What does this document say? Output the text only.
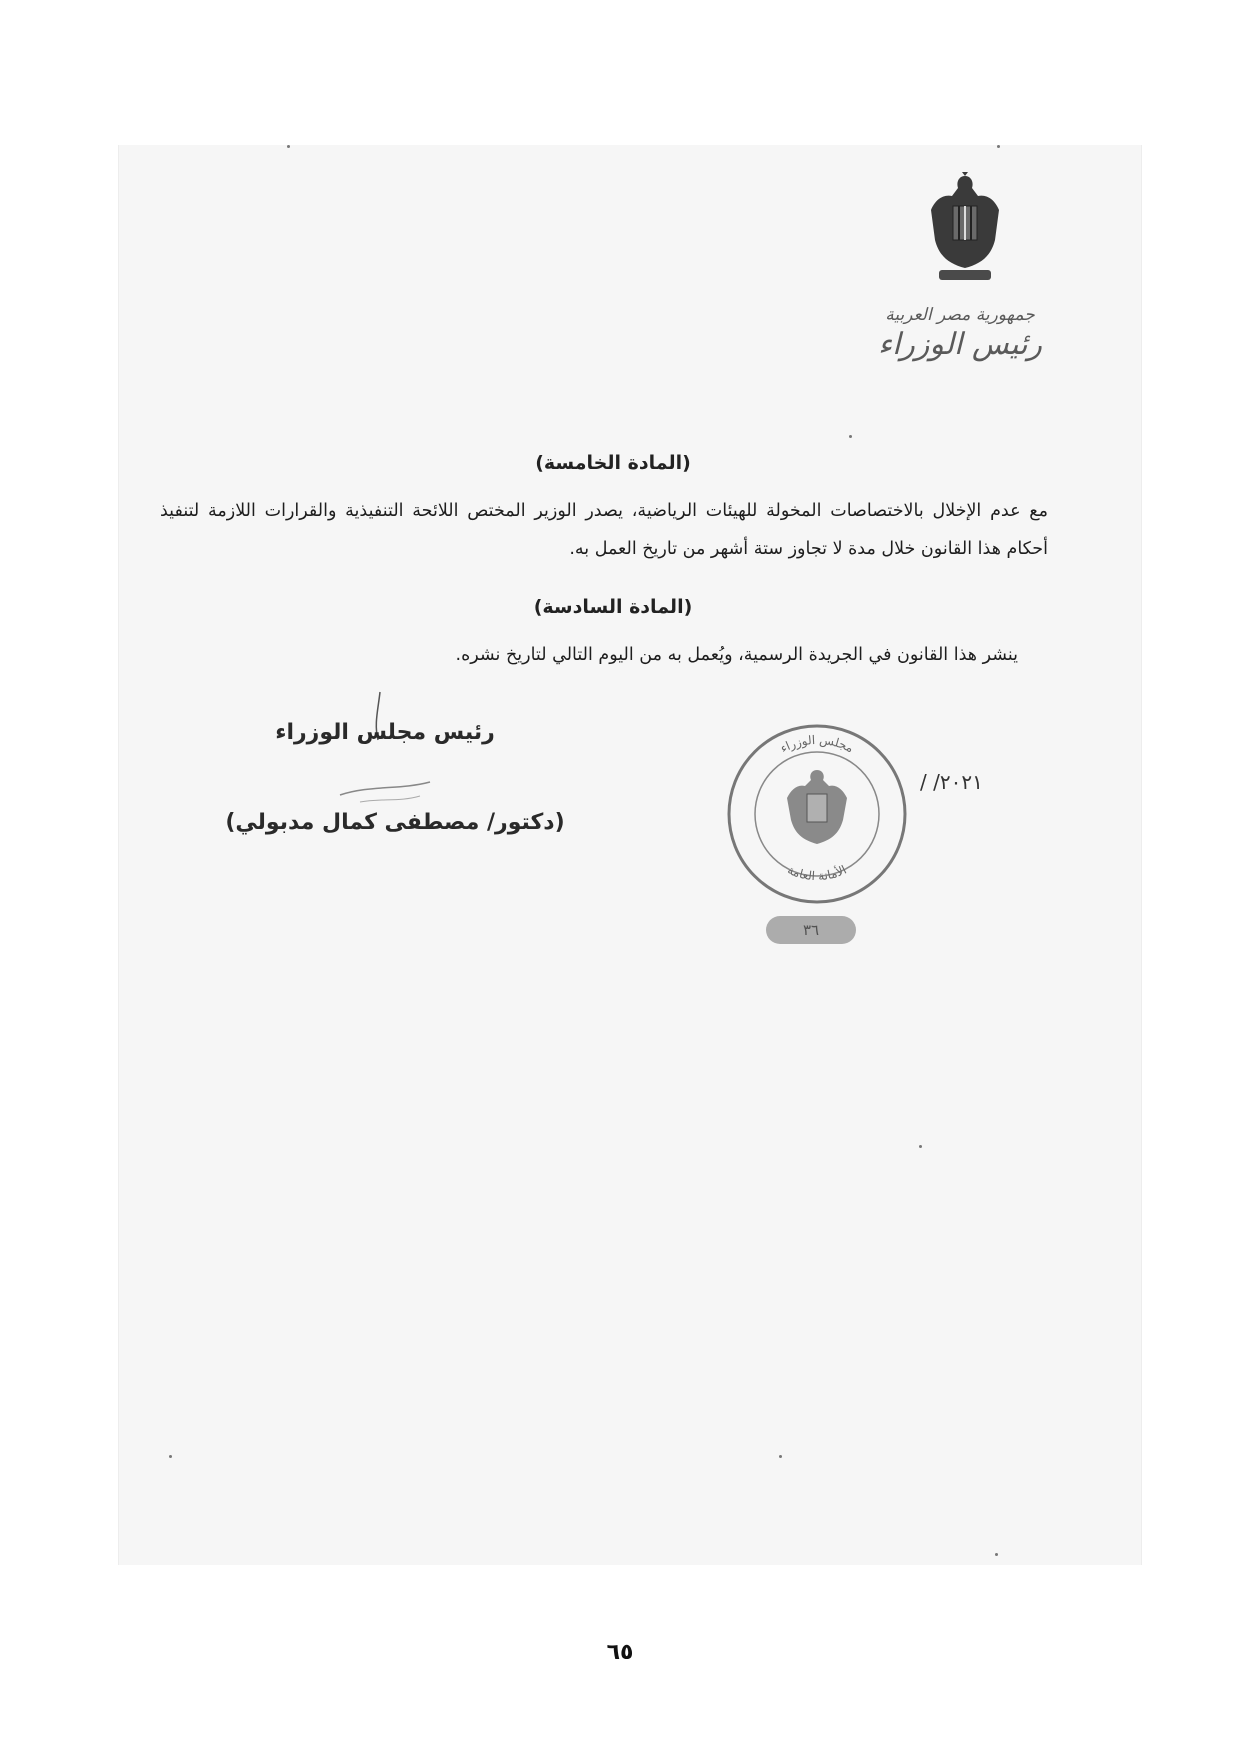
جمهورية مصر العربية
رئيس الوزراء
(المادة الخامسة)
مع عدم الإخلال بالاختصاصات المخولة للهيئات الرياضية، يصدر الوزير المختص اللائحة التنفيذية والقرارات اللازمة لتنفيذ أحكام هذا القانون خلال مدة لا تجاوز ستة أشهر من تاريخ العمل به.
(المادة السادسة)
ينشر هذا القانون في الجريدة الرسمية، ويُعمل به من اليوم التالي لتاريخ نشره.
رئيس مجلس الوزراء
(دكتور/ مصطفى كمال مدبولي)
/ /٢٠٢١
مجلس الوزراء
الأمانة العامة
٣٦
٦٥
